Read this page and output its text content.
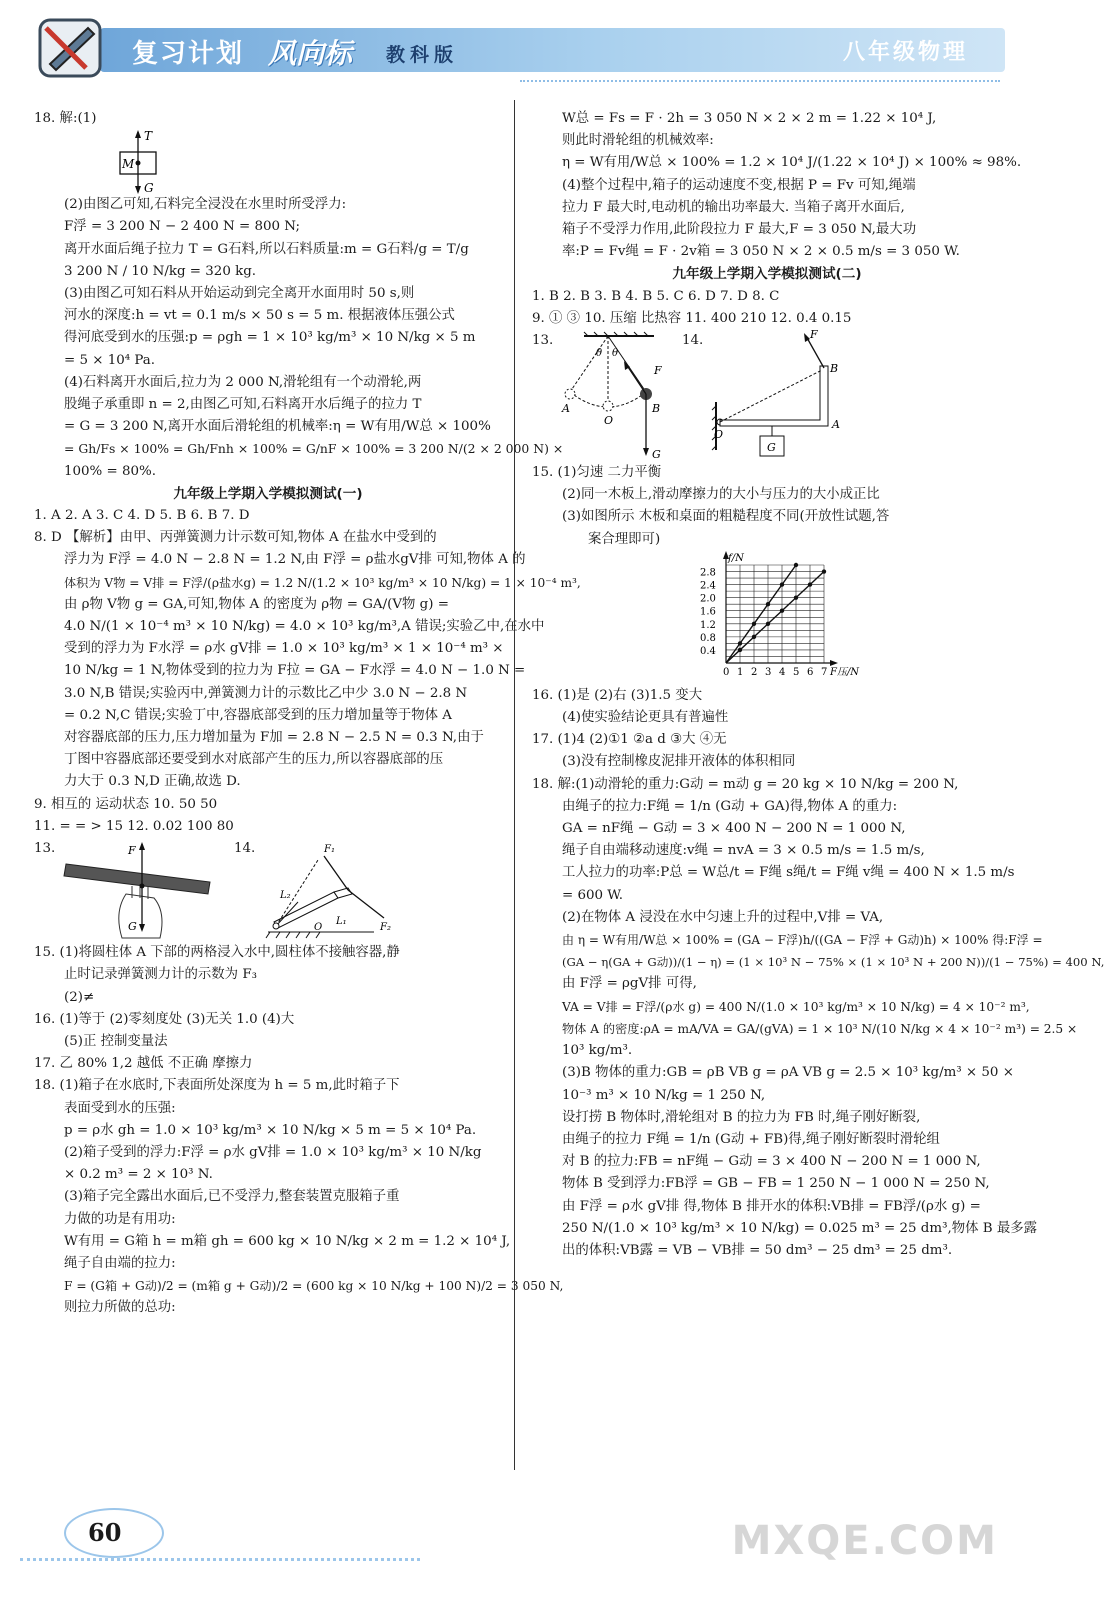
复习计划 风向标 教科版	八年级物理
18. 解:(1)
T
M
G
(2)由图乙可知,石料完全浸没在水里时所受浮力:
F浮 = 3 200 N − 2 400 N = 800 N;
离开水面后绳子拉力 T = G石料,所以石料质量:m = G石料/g = T/g
3 200 N / 10 N/kg = 320 kg.
(3)由图乙可知石料从开始运动到完全离开水面用时 50 s,则
河水的深度:h = vt = 0.1 m/s × 50 s = 5 m. 根据液体压强公式
得河底受到水的压强:p = ρgh = 1 × 10³ kg/m³ × 10 N/kg × 5 m
= 5 × 10⁴ Pa.
(4)石料离开水面后,拉力为 2 000 N,滑轮组有一个动滑轮,两
股绳子承重即 n = 2,由图乙可知,石料离开水后绳子的拉力 T
= G = 3 200 N,离开水面后滑轮组的机械率:η = W有用/W总 × 100%
= Gh/Fs × 100% = Gh/Fnh × 100% = G/nF × 100% = 3 200 N/(2 × 2 000 N) ×
100% = 80%.
九年级上学期入学模拟测试(一)
1. A 2. A 3. C 4. D 5. B 6. B 7. D
8. D 【解析】由甲、丙弹簧测力计示数可知,物体 A 在盐水中受到的
浮力为 F浮 = 4.0 N − 2.8 N = 1.2 N,由 F浮 = ρ盐水gV排 可知,物体 A 的
体积为 V物 = V排 = F浮/(ρ盐水g) = 1.2 N/(1.2 × 10³ kg/m³ × 10 N/kg) = 1 × 10⁻⁴ m³,
由 ρ物 V物 g = GA,可知,物体 A 的密度为 ρ物 = GA/(V物 g) =
4.0 N/(1 × 10⁻⁴ m³ × 10 N/kg) = 4.0 × 10³ kg/m³,A 错误;实验乙中,在水中
受到的浮力为 F水浮 = ρ水 gV排 = 1.0 × 10³ kg/m³ × 1 × 10⁻⁴ m³ ×
10 N/kg = 1 N,物体受到的拉力为 F拉 = GA − F水浮 = 4.0 N − 1.0 N =
3.0 N,B 错误;实验丙中,弹簧测力计的示数比乙中少 3.0 N − 2.8 N
= 0.2 N,C 错误;实验丁中,容器底部受到的压力增加量等于物体 A
对容器底部的压力,压力增加量为 F加 = 2.8 N − 2.5 N = 0.3 N,由于
丁图中容器底部还要受到水对底部产生的压力,所以容器底部的压
力大于 0.3 N,D 正确,故选 D.
9. 相互的 运动状态 10. 50 50
11. = = > 15 12. 0.02 100 80
13.	F
G
14.	F₁
F₂
L₁
L₂
O
15. (1)将圆柱体 A 下部的两格浸入水中,圆柱体不接触容器,静
止时记录弹簧测力计的示数为 F₃
(2)≠
16. (1)等于 (2)零刻度处 (3)无关 1.0 (4)大
(5)正 控制变量法
17. 乙 80% 1,2 越低 不正确 摩擦力
18. (1)箱子在水底时,下表面所处深度为 h = 5 m,此时箱子下
表面受到水的压强:
p = ρ水 gh = 1.0 × 10³ kg/m³ × 10 N/kg × 5 m = 5 × 10⁴ Pa.
(2)箱子受到的浮力:F浮 = ρ水 gV排 = 1.0 × 10³ kg/m³ × 10 N/kg
× 0.2 m³ = 2 × 10³ N.
(3)箱子完全露出水面后,已不受浮力,整套装置克服箱子重
力做的功是有用功:
W有用 = G箱 h = m箱 gh = 600 kg × 10 N/kg × 2 m = 1.2 × 10⁴ J,
绳子自由端的拉力:
F = (G箱 + G动)/2 = (m箱 g + G动)/2 = (600 kg × 10 N/kg + 100 N)/2 = 3 050 N,
则拉力所做的总功:
W总 = Fs = F · 2h = 3 050 N × 2 × 2 m = 1.22 × 10⁴ J,
则此时滑轮组的机械效率:
η = W有用/W总 × 100% = 1.2 × 10⁴ J/(1.22 × 10⁴ J) × 100% ≈ 98%.
(4)整个过程中,箱子的运动速度不变,根据 P = Fv 可知,绳端
拉力 F 最大时,电动机的输出功率最大. 当箱子离开水面后,
箱子不受浮力作用,此阶段拉力 F 最大,F = 3 050 N,最大功
率:P = Fv绳 = F · 2v箱 = 3 050 N × 2 × 0.5 m/s = 3 050 W.
九年级上学期入学模拟测试(二)
1. B 2. B 3. B 4. B 5. C 6. D 7. D 8. C
9. ① ③ 10. 压缩 比热容 11. 400 210 12. 0.4 0.15
13.
θ θ
F
A
O
B
G
14.	F
B
O
A
G
15. (1)匀速 二力平衡
(2)同一木板上,滑动摩擦力的大小与压力的大小成正比
(3)如图所示 木板和桌面的粗糙程度不同(开放性试题,答
案合理即可)
0 1 2 3 4 5 6 7
0.4
0.8
1.2
1.6
2.0
2.4
2.8
f/N
F压/N
16. (1)是 (2)右 (3)1.5 变大
(4)使实验结论更具有普遍性
17. (1)4 (2)①1 ②a d ③大 ④无
(3)没有控制橡皮泥排开液体的体积相同
18. 解:(1)动滑轮的重力:G动 = m动 g = 20 kg × 10 N/kg = 200 N,
由绳子的拉力:F绳 = 1/n (G动 + GA)得,物体 A 的重力:
GA = nF绳 − G动 = 3 × 400 N − 200 N = 1 000 N,
绳子自由端移动速度:v绳 = nvA = 3 × 0.5 m/s = 1.5 m/s,
工人拉力的功率:P总 = W总/t = F绳 s绳/t = F绳 v绳 = 400 N × 1.5 m/s
= 600 W.
(2)在物体 A 浸没在水中匀速上升的过程中,V排 = VA,
由 η = W有用/W总 × 100% = (GA − F浮)h/((GA − F浮 + G动)h) × 100% 得:F浮 =
(GA − η(GA + G动))/(1 − η) = (1 × 10³ N − 75% × (1 × 10³ N + 200 N))/(1 − 75%) = 400 N,
由 F浮 = ρgV排 可得,
VA = V排 = F浮/(ρ水 g) = 400 N/(1.0 × 10³ kg/m³ × 10 N/kg) = 4 × 10⁻² m³,
物体 A 的密度:ρA = mA/VA = GA/(gVA) = 1 × 10³ N/(10 N/kg × 4 × 10⁻² m³) = 2.5 ×
10³ kg/m³.
(3)B 物体的重力:GB = ρB VB g = ρA VB g = 2.5 × 10³ kg/m³ × 50 ×
10⁻³ m³ × 10 N/kg = 1 250 N,
设打捞 B 物体时,滑轮组对 B 的拉力为 FB 时,绳子刚好断裂,
由绳子的拉力 F绳 = 1/n (G动 + FB)得,绳子刚好断裂时滑轮组
对 B 的拉力:FB = nF绳 − G动 = 3 × 400 N − 200 N = 1 000 N,
物体 B 受到浮力:FB浮 = GB − FB = 1 250 N − 1 000 N = 250 N,
由 F浮 = ρ水 gV排 得,物体 B 排开水的体积:VB排 = FB浮/(ρ水 g) =
250 N/(1.0 × 10³ kg/m³ × 10 N/kg) = 0.025 m³ = 25 dm³,物体 B 最多露
出的体积:VB露 = VB − VB排 = 50 dm³ − 25 dm³ = 25 dm³.
60	MXQE.COM
